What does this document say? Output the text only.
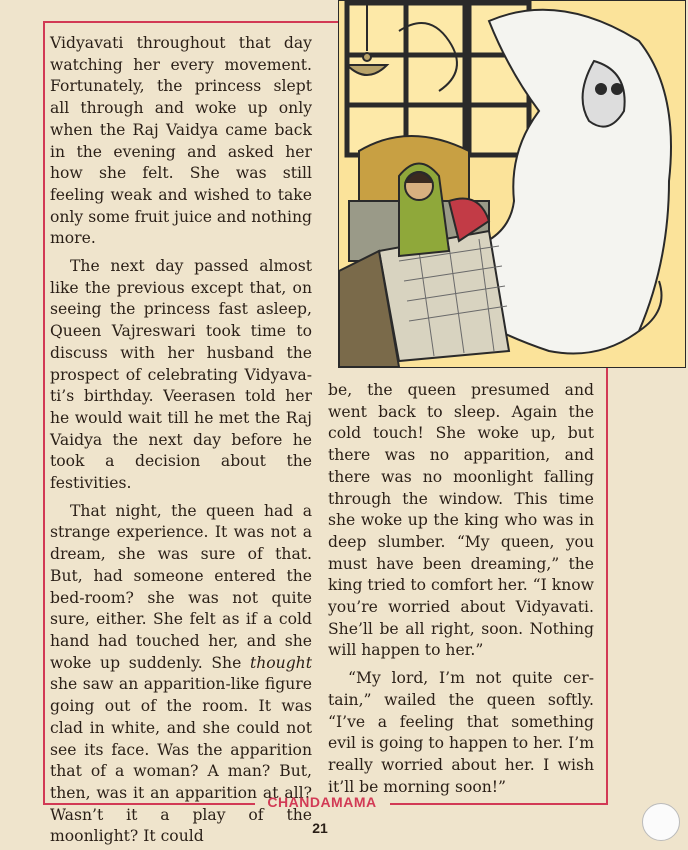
Vidyavati throughout that day watching her every movement. Fortunately, the princess slept all through and woke up only when the Raj Vaidya came back in the evening and asked her how she felt. She was still feeling weak and wished to take only some fruit juice and nothing more.

The next day passed almost like the previous except that, on seeing the princess fast asleep, Queen Vajreswari took time to discuss with her husband the prospect of celebrating Vidyava-ti’s birthday. Veerasen told her he would wait till he met the Raj Vaidya the next day before he took a decision about the festivities.

That night, the queen had a strange experience. It was not a dream, she was sure of that. But, had someone entered the bed-room? she was not quite sure, either. She felt as if a cold hand had touched her, and she woke up suddenly. She thought she saw an apparition-like figure going out of the room. It was clad in white, and she could not see its face. Was the apparition that of a woman? A man? But, then, was it an apparition at all? Wasn’t it a play of the moonlight? It could

be, the queen presumed and went back to sleep. Again the cold touch! She woke up, but there was no apparition, and there was no moonlight falling through the window. This time she woke up the king who was in deep slumber. “My queen, you must have been dreaming,” the king tried to comfort her. “I know you’re worried about Vidyavati. She’ll be all right, soon. Nothing will happen to her.”

“My lord, I’m not quite cer-tain,” wailed the queen softly. “I’ve a feeling that something evil is going to happen to her. I’m really worried about her. I wish it’ll be morning soon!”

CHANDAMAMA
21
